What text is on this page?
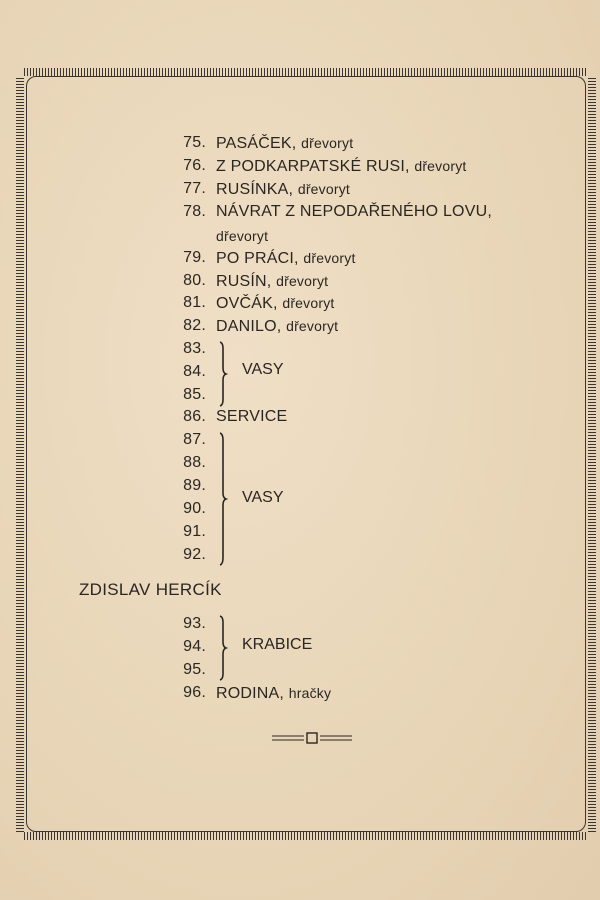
75. PASÁČEK, dřevoryt
76. Z PODKARPATSKÉ RUSI, dřevoryt
77. RUSÍNKA, dřevoryt
78. NÁVRAT Z NEPODAŘENÉHO LOVU,
dřevoryt
79. PO PRÁCI, dřevoryt
80. RUSÍN, dřevoryt
81. OVČÁK, dřevoryt
82. DANILO, dřevoryt
83.
84.
85.
VASY
86. SERVICE
87.
88.
89.
90.
91.
92.
VASY
ZDISLAV HERCÍK
93.
94.
95.
KRABICE
96. RODINA, hračky
